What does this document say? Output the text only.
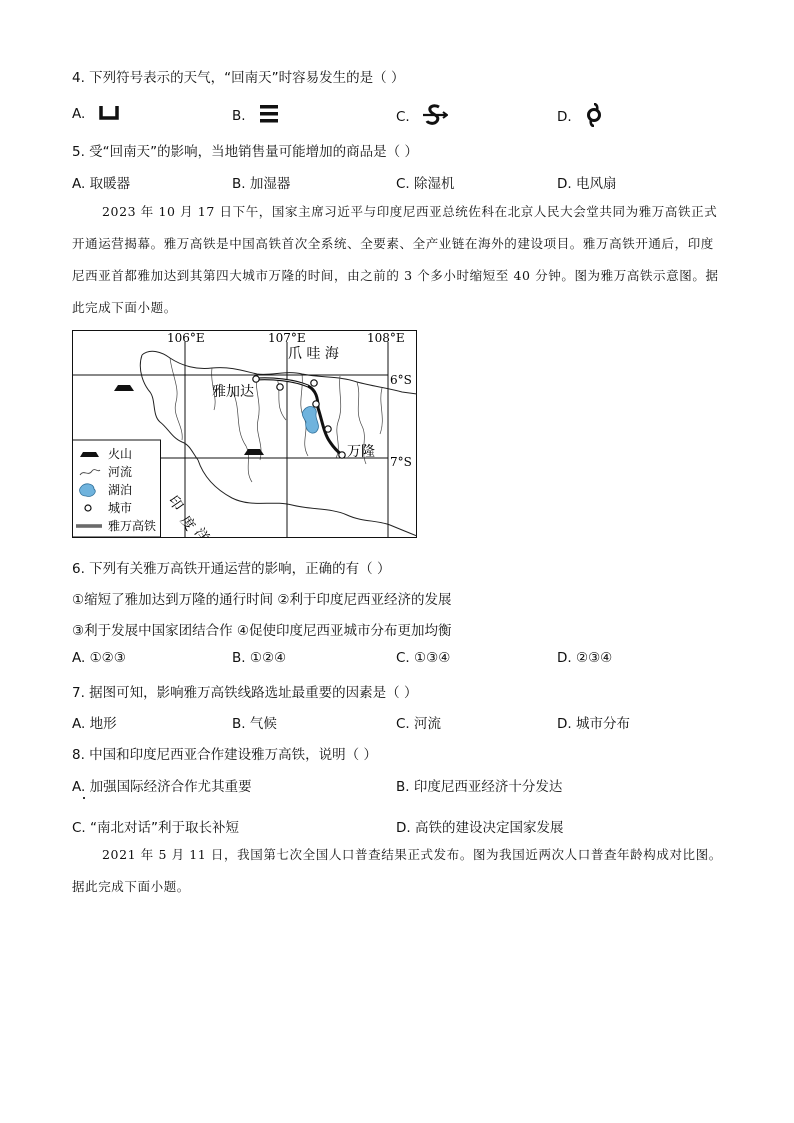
4. 下列符号表示的天气，“回南天”时容易发生的是（ ）
A.	B.	C.	D.
5. 受“回南天”的影响，当地销售量可能增加的商品是（ ）
A. 取暖器	B. 加湿器	C. 除湿机	D. 电风扇
2023 年 10 月 17 日下午，国家主席习近平与印度尼西亚总统佐科在北京人民大会堂共同为雅万高铁正式开通运营揭幕。雅万高铁是中国高铁首次全系统、全要素、全产业链在海外的建设项目。雅万高铁开通后，印度尼西亚首都雅加达到其第四大城市万隆的时间，由之前的 3 个多小时缩短至 40 分钟。图为雅万高铁示意图。据此完成下面小题。
106°E	107°E	108°E
6°S
7°S
爪 哇 海
印
度
洋
雅加达
万隆
火山
河流
湖泊
城市
雅万高铁
6. 下列有关雅万高铁开通运营的影响，正确的有（ ）
①缩短了雅加达到万隆的通行时间 ②利于印度尼西亚经济的发展
③利于发展中国家团结合作 ④促使印度尼西亚城市分布更加均衡
A. ①②③	B. ①②④	C. ①③④	D. ②③④
7. 据图可知，影响雅万高铁线路选址最重要的因素是（ ）
A. 地形	B. 气候	C. 河流	D. 城市分布
8. 中国和印度尼西亚合作建设雅万高铁，说明（ ）
A. 加强国际经济合作尤其重要	B. 印度尼西亚经济十分发达
C. “南北对话”利于取长补短	D. 高铁的建设决定国家发展
2021 年 5 月 11 日，我国第七次全国人口普查结果正式发布。图为我国近两次人口普查年龄构成对比图。据此完成下面小题。
